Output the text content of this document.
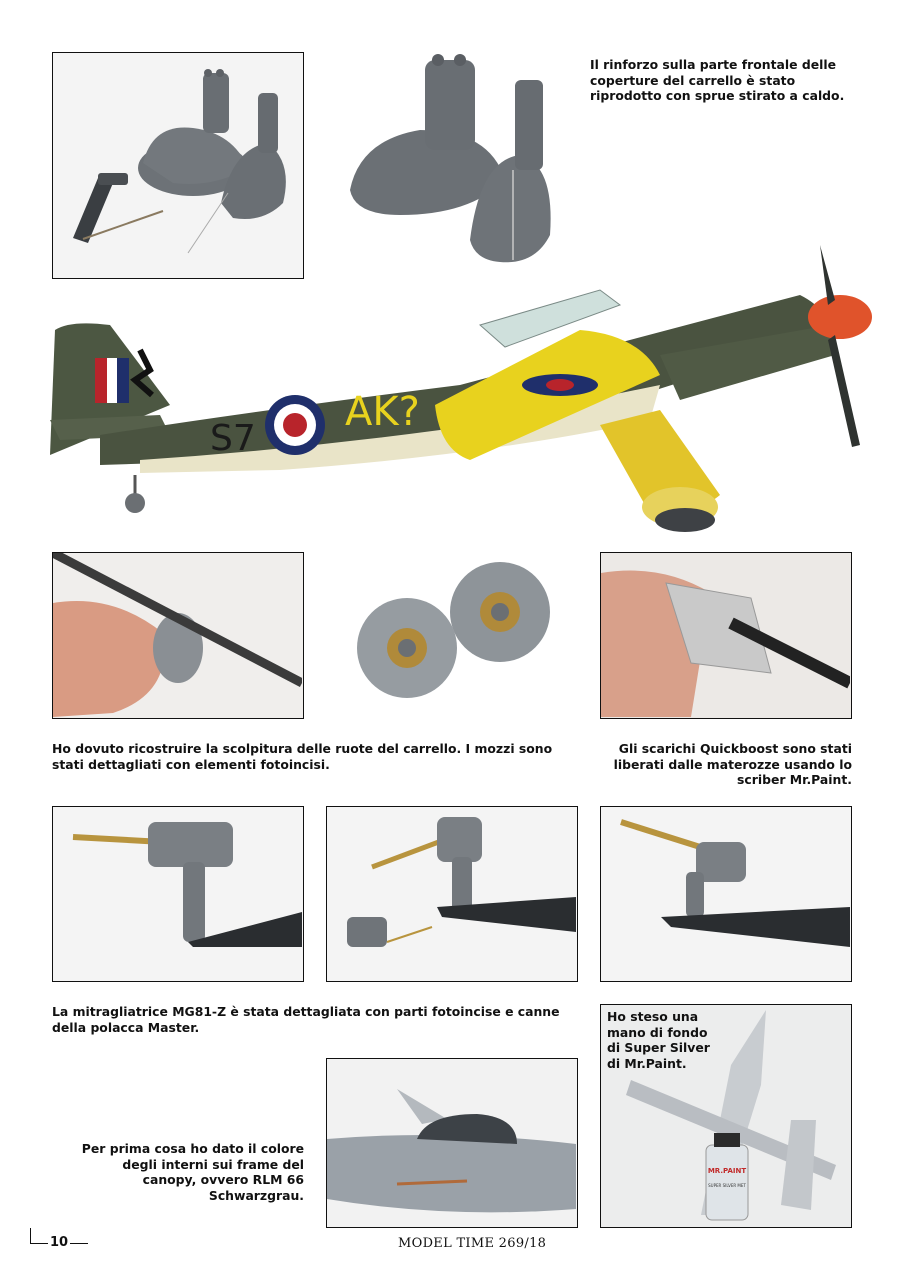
Il rinforzo sulla parte frontale delle coperture del carrello è stato riprodotto con sprue stirato a caldo.

S7
AK?

Ho dovuto ricostruire la scolpitura delle ruote del carrello. I mozzi sono stati dettagliati con elementi fotoincisi.

Gli scarichi Quickboost sono stati liberati dalle materozze usando lo scriber Mr.Paint.

La mitragliatrice MG81-Z è stata dettagliata con parti fotoincise e canne della polacca Master.

Per prima cosa ho dato il colore degli interni sui frame del canopy, ovvero RLM 66 Schwarzgrau.

MR.PAINT
SUPER SILVER MET

Ho steso una mano di fondo di Super Silver di Mr.Paint.

10	MODEL TIME 269/18
